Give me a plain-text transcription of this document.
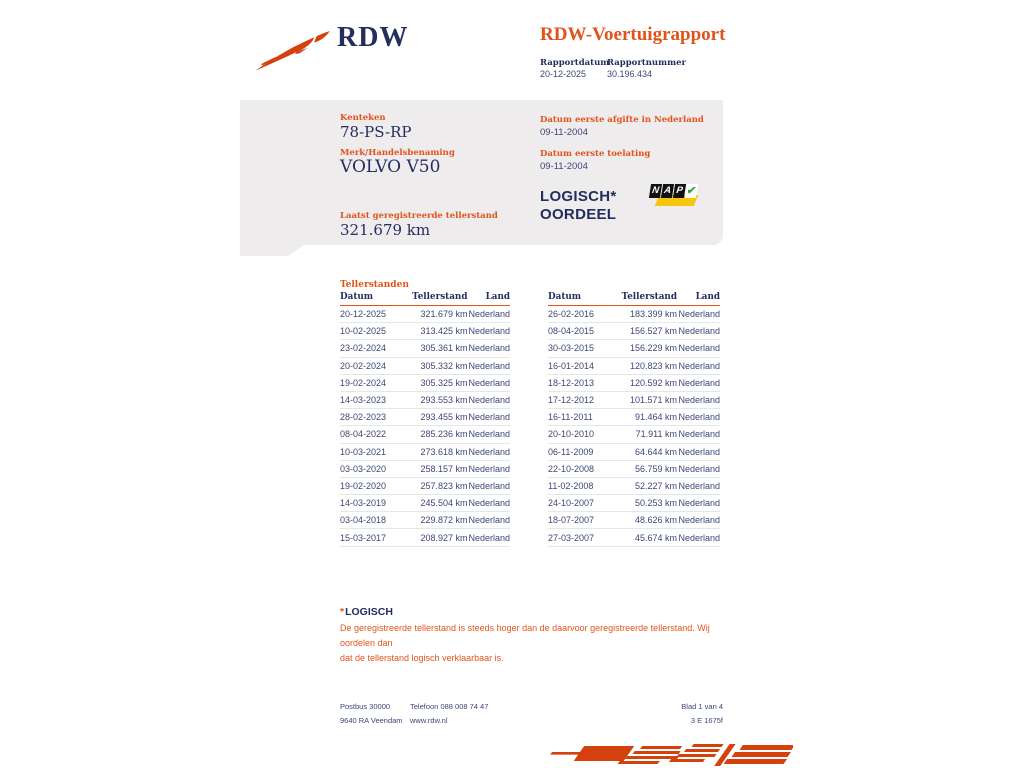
RDW	RDW-Voertuigrapport
Rapportdatum
20-12-2025
Rapportnummer
30.196.434
Kenteken
78-PS-RP
Merk/Handelsbenaming
VOLVO V50
Laatst geregistreerde tellerstand
321.679 km
Datum eerste afgifte in Nederland
09-11-2004
Datum eerste toelating
09-11-2004
LOGISCH*
OORDEEL
N A P ✔
Tellerstanden
Datum	Tellerstand	Land
20-12-2025	321.679 km	Nederland
10-02-2025	313.425 km	Nederland
23-02-2024	305.361 km	Nederland
20-02-2024	305.332 km	Nederland
19-02-2024	305.325 km	Nederland
14-03-2023	293.553 km	Nederland
28-02-2023	293.455 km	Nederland
08-04-2022	285.236 km	Nederland
10-03-2021	273.618 km	Nederland
03-03-2020	258.157 km	Nederland
19-02-2020	257.823 km	Nederland
14-03-2019	245.504 km	Nederland
03-04-2018	229.872 km	Nederland
15-03-2017	208.927 km	Nederland
Datum	Tellerstand	Land
26-02-2016	183.399 km	Nederland
08-04-2015	156.527 km	Nederland
30-03-2015	156.229 km	Nederland
16-01-2014	120.823 km	Nederland
18-12-2013	120.592 km	Nederland
17-12-2012	101.571 km	Nederland
16-11-2011	91.464 km	Nederland
20-10-2010	71.911 km	Nederland
06-11-2009	64.644 km	Nederland
22-10-2008	56.759 km	Nederland
11-02-2008	52.227 km	Nederland
24-10-2007	50.253 km	Nederland
18-07-2007	48.626 km	Nederland
27-03-2007	45.674 km	Nederland
*LOGISCH
De geregistreerde tellerstand is steeds hoger dan de daarvoor geregistreerde tellerstand. Wij oordelen dan
dat de tellerstand logisch verklaarbaar is.
Postbus 30000
9640 RA Veendam
Telefoon 088 008 74 47
www.rdw.nl
Blad 1 van 4
3 E 1675f
